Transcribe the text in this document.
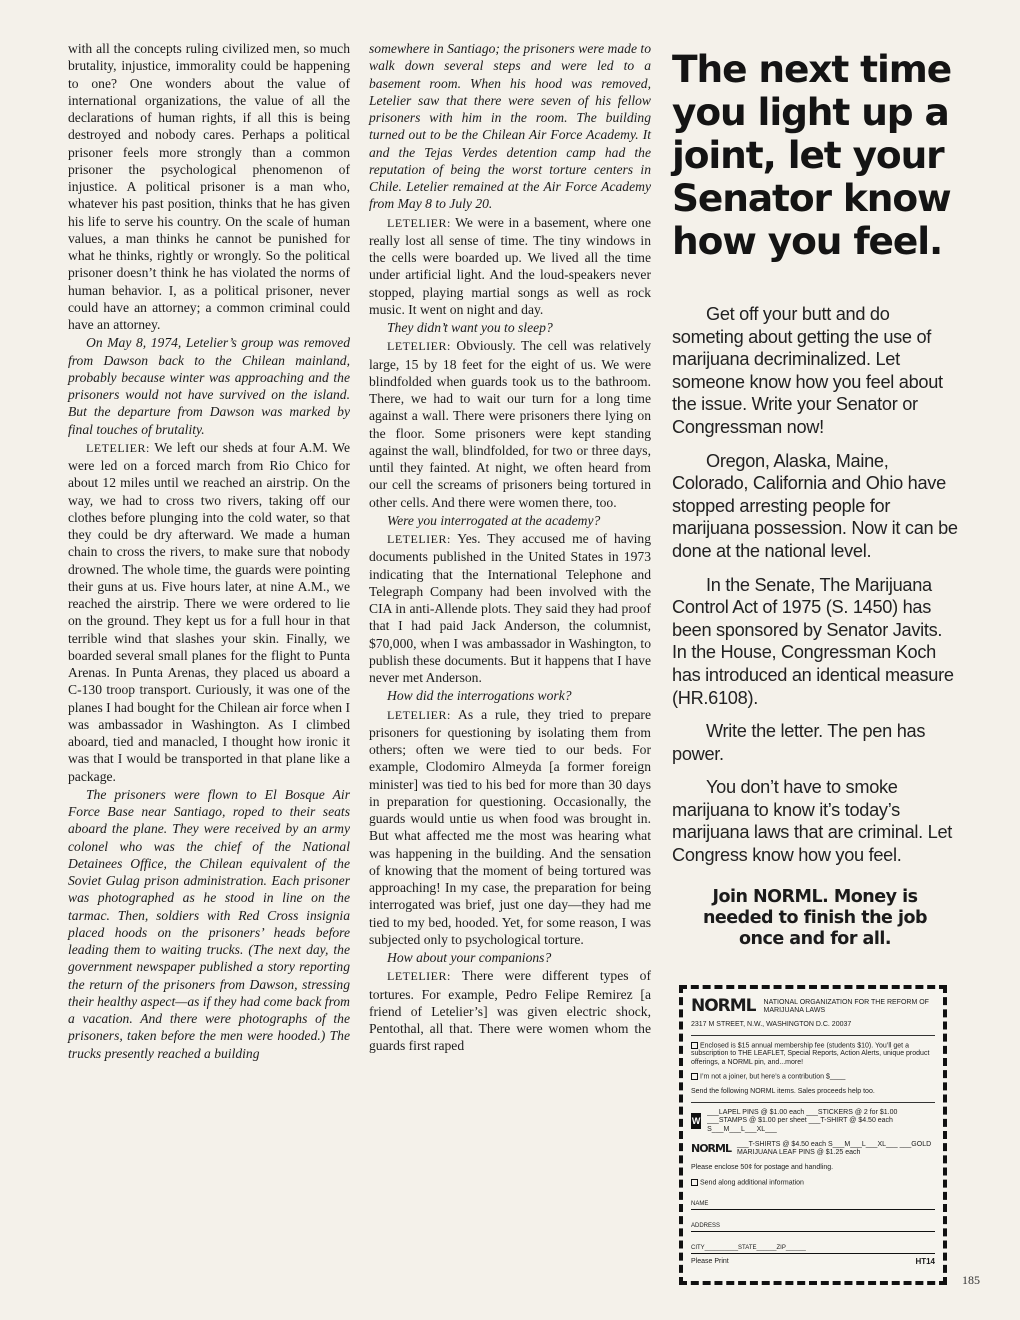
with all the concepts ruling civilized men, so much brutality, injustice, immorality could be happening to one? One wonders about the value of international organizations, the value of all the declarations of human rights, if all this is being destroyed and nobody cares. Perhaps a political prisoner feels more strongly than a common prisoner the psychological phenomenon of injustice. A political prisoner is a man who, whatever his past position, thinks that he has given his life to serve his country. On the scale of human values, a man thinks he cannot be punished for what he thinks, rightly or wrongly. So the political prisoner doesn’t think he has violated the norms of human behavior. I, as a political prisoner, never could have an attorney; a common criminal could have an attorney.

On May 8, 1974, Letelier’s group was removed from Dawson back to the Chilean mainland, probably because winter was approaching and the prisoners would not have survived on the island. But the departure from Dawson was marked by final touches of brutality.

LETELIER: We left our sheds at four A.M. We were led on a forced march from Rio Chico for about 12 miles until we reached an airstrip. On the way, we had to cross two rivers, taking off our clothes before plunging into the cold water, so that they could be dry afterward. We made a human chain to cross the rivers, to make sure that nobody drowned. The whole time, the guards were pointing their guns at us. Five hours later, at nine A.M., we reached the airstrip. There we were ordered to lie on the ground. They kept us for a full hour in that terrible wind that slashes your skin. Finally, we boarded several small planes for the flight to Punta Arenas. In Punta Arenas, they placed us aboard a C-130 troop transport. Curiously, it was one of the planes I had bought for the Chilean air force when I was ambassador in Washington. As I climbed aboard, tied and manacled, I thought how ironic it was that I would be transported in that plane like a package.

The prisoners were flown to El Bosque Air Force Base near Santiago, roped to their seats aboard the plane. They were received by an army colonel who was the chief of the National Detainees Office, the Chilean equivalent of the Soviet Gulag prison administration. Each prisoner was photographed as he stood in line on the tarmac. Then, soldiers with Red Cross insignia placed hoods on the prisoners’ heads before leading them to waiting trucks. (The next day, the government newspaper published a story reporting the return of the prisoners from Dawson, stressing their healthy aspect—as if they had come back from a vacation. And there were photographs of the prisoners, taken before the men were hooded.) The trucks presently reached a building

somewhere in Santiago; the prisoners were made to walk down several steps and were led to a basement room. When his hood was removed, Letelier saw that there were seven of his fellow prisoners with him in the room. The building turned out to be the Chilean Air Force Academy. It and the Tejas Verdes detention camp had the reputation of being the worst torture centers in Chile. Letelier remained at the Air Force Academy from May 8 to July 20.

LETELIER: We were in a basement, where one really lost all sense of time. The tiny windows in the cells were boarded up. We lived all the time under artificial light. And the loud-speakers never stopped, playing martial songs as well as rock music. It went on night and day.

They didn’t want you to sleep?

LETELIER: Obviously. The cell was relatively large, 15 by 18 feet for the eight of us. We were blindfolded when guards took us to the bathroom. There, we had to wait our turn for a long time against a wall. There were prisoners there lying on the floor. Some prisoners were kept standing against the wall, blindfolded, for two or three days, until they fainted. At night, we often heard from our cell the screams of prisoners being tortured in other cells. And there were women there, too.

Were you interrogated at the academy?

LETELIER: Yes. They accused me of having documents published in the United States in 1973 indicating that the International Telephone and Telegraph Company had been involved with the CIA in anti-Allende plots. They said they had proof that I had paid Jack Anderson, the columnist, $70,000, when I was ambassador in Washington, to publish these documents. But it happens that I have never met Anderson.

How did the interrogations work?

LETELIER: As a rule, they tried to prepare prisoners for questioning by isolating them from others; often we were tied to our beds. For example, Clodomiro Almeyda [a former foreign minister] was tied to his bed for more than 30 days in preparation for questioning. Occasionally, the guards would untie us when food was brought in. But what affected me the most was hearing what was happening in the building. And the sensation of knowing that the moment of being tortured was approaching! In my case, the preparation for being interrogated was brief, just one day—they had me tied to my bed, hooded. Yet, for some reason, I was subjected only to psychological torture.

How about your companions?

LETELIER: There were different types of tortures. For example, Pedro Felipe Remirez [a friend of Letelier’s] was given electric shock, Pentothal, all that. There were women whom the guards first raped

The next time you light up a joint, let your Senator know how you feel.

Get off your butt and do someting about getting the use of marijuana decriminalized. Let someone know how you feel about the issue. Write your Senator or Congressman now!

Oregon, Alaska, Maine, Colorado, California and Ohio have stopped arresting people for marijuana possession. Now it can be done at the national level.

In the Senate, The Marijuana Control Act of 1975 (S. 1450) has been sponsored by Senator Javits. In the House, Congressman Koch has introduced an identical measure (HR.6108).

Write the letter. The pen has power.

You don’t have to smoke marijuana to know it’s today’s marijuana laws that are criminal. Let Congress know how you feel.

Join NORML. Money is needed to finish the job once and for all.
NORML NATIONAL ORGANIZATION FOR THE REFORM OF MARIJUANA LAWS
2317 M STREET, N.W., WASHINGTON D.C. 20037
Enclosed is $15 annual membership fee (students $10). You’ll get a subscription to THE LEAFLET, Special Reports, Action Alerts, unique product offerings, a NORML pin, and...more!
I’m not a joiner, but here’s a contribution $____
Send the following NORML items. Sales proceeds help too.
W
___LAPEL PINS @ $1.00 each ___STICKERS @ 2 for $1.00 ___STAMPS @ $1.00 per sheet ___T-SHIRT @ $4.50 each S___M___L___XL___
NORML ___T-SHIRTS @ $4.50 each S___M___L___XL___ ___GOLD MARIJUANA LEAF PINS @ $1.25 each
Please enclose 50¢ for postage and handling.
Send along additional information
NAME
ADDRESS
CITY__________STATE______ZIP______
Please Print	HT14
185
